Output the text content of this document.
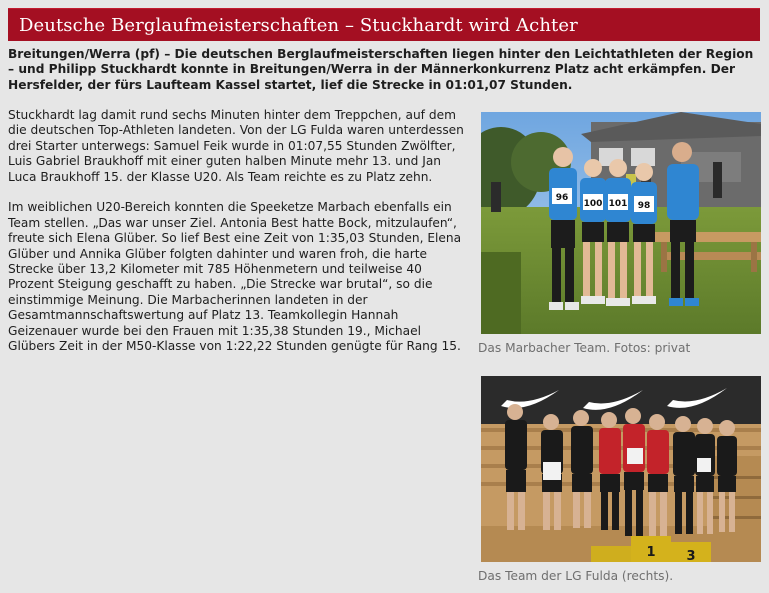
Deutsche Berglaufmeisterschaften – Stuckhardt wird Achter

Breitungen/Werra (pf) – Die deutschen Berglaufmeisterschaften liegen hinter den Leichtathleten der Region – und Philipp Stuckhardt konnte in Breitungen/Werra in der Männerkonkurrenz Platz acht erkämpfen. Der Hersfelder, der fürs Laufteam Kassel startet, lief die Strecke in 01:01,07 Stunden.

Stuckhardt lag damit rund sechs Minuten hinter dem Treppchen, auf dem die deutschen Top-Athleten landeten. Von der LG Fulda waren unterdessen drei Starter unterwegs: Samuel Feik wurde in 01:07,55 Stunden Zwölfter, Luis Gabriel Braukhoff mit einer guten halben Minute mehr 13. und Jan Luca Braukhoff 15. der Klasse U20. Als Team reichte es zu Platz zehn.

Im weiblichen U20-Bereich konnten die Speeketze Marbach ebenfalls ein Team stellen. „Das war unser Ziel. Antonia Best hatte Bock, mitzulaufen“, freute sich Elena Glüber. So lief Best eine Zeit von 1:35,03 Stunden, Elena Glüber und Annika Glüber folgten dahinter und waren froh, die harte Strecke über 13,2 Kilometer mit 785 Höhenmetern und teilweise 40 Prozent Steigung geschafft zu haben. „Die Strecke war brutal“, so die einstimmige Meinung. Die Marbacherinnen landeten in der Gesamtmannschaftswertung auf Platz 13. Teamkollegin Hannah Geizenauer wurde bei den Frauen mit 1:35,38 Stunden 19., Michael Glübers Zeit in der M50-Klasse von 1:22,22 Stunden genügte für Rang 15.

96
100 101 98
Das Marbacher Team. Fotos: privat
1 3
Das Team der LG Fulda (rechts).
